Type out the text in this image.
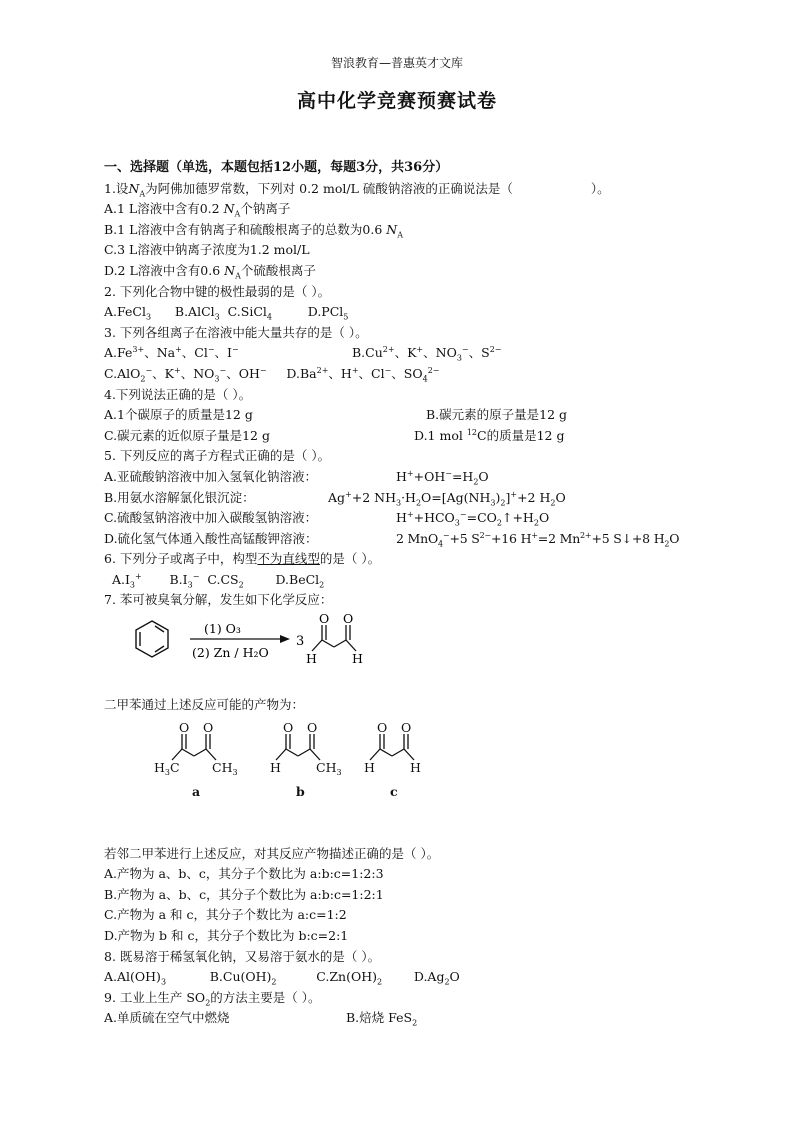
智浪教育—普惠英才文库
高中化学竞赛预赛试卷
一、选择题（单选，本题包括12小题，每题3分，共36分）
1.设$N_A$为阿佛加德罗常数，下列对 0.2 mol/L 硫酸钠溶液的正确说法是（	）。
A.1 L溶液中含有0.2 $N_A$个钠离子
B.1 L溶液中含有钠离子和硫酸根离子的总数为0.6 $N_A$
C.3 L溶液中钠离子浓度为1.2 mol/L
D.2 L溶液中含有0.6 $N_A$个硫酸根离子
2. 下列化合物中键的极性最弱的是（ ）。
A.FeCl$_3$      B.AlCl$_3$  C.SiCl$_4$         D.PCl$_5$
3. 下列各组离子在溶液中能大量共存的是（ ）。
$A.Fe^{3+}$、Na+、Cl−、I−	$B.Cu^{2+}$、K+、$NO_3^-$、$S^{2-}$
C.AlO$_2$−、K+、$NO_3^-$、OH−     $D.Ba^{2+}$、H+、Cl−、$SO_4^{2-}$
4.下列说法正确的是（ ）。
A.1个碳原子的质量是12 g	B.碳元素的原子量是12 g
C.碳元素的近似原子量是12 g	D.1 mol $^{12}$C的质量是12 g
5. 下列反应的离子方程式正确的是（ ）。
A.亚硫酸钠溶液中加入氢氧化钠溶液：	$H^++OH^-=H_2O$
B.用氨水溶解氯化银沉淀：	Ag++2 $NH_3\cdot H_2O=[Ag(NH_3)_2]^++2$ $H_2O$
C.硫酸氢钠溶液中加入碳酸氢钠溶液：	$H^++HCO_3^-=CO_2↑+H_2O$
D.硫化氢气体通入酸性高锰酸钾溶液：	2 MnO$_4$−+5 $S^{2-}+16$ H+=2 $Mn^{2+}+5$ S↓+8 $H_2O$
6. 下列分子或离子中，构型不为直线型的是（ ）。
$A.I_3^+$       $B.I_3^-$  $C.CS_2$        D.BeCl$_2$
7. 苯可被臭氧分解，发生如下化学反应：
(1) O₃
(2) Zn / H₂O
3
O O
H	H
二甲苯通过上述反应可能的产物为：
O O
$H_3C$	$CH_3$
O O
H	$CH_3$
O O
H	H
a	b	c
若邻二甲苯进行上述反应，对其反应产物描述正确的是（ ）。
A.产物为 a、b、c，其分子个数比为 a:b:c=1:2:3
B.产物为 a、b、c，其分子个数比为 a:b:c=1:2:1
C.产物为 a 和 c，其分子个数比为 a:c=1:2
D.产物为 b 和 c，其分子个数比为 b:c=2:1
8. 既易溶于稀氢氧化钠，又易溶于氨水的是（ ）。
$A.Al(OH)_3$           $B.Cu(OH)_2$          $C.Zn(OH)_2$        $D.Ag_2O$
9. 工业上生产 $SO_2$的方法主要是（ ）。
A.单质硫在空气中燃烧	B.焙烧 FeS$_2$
